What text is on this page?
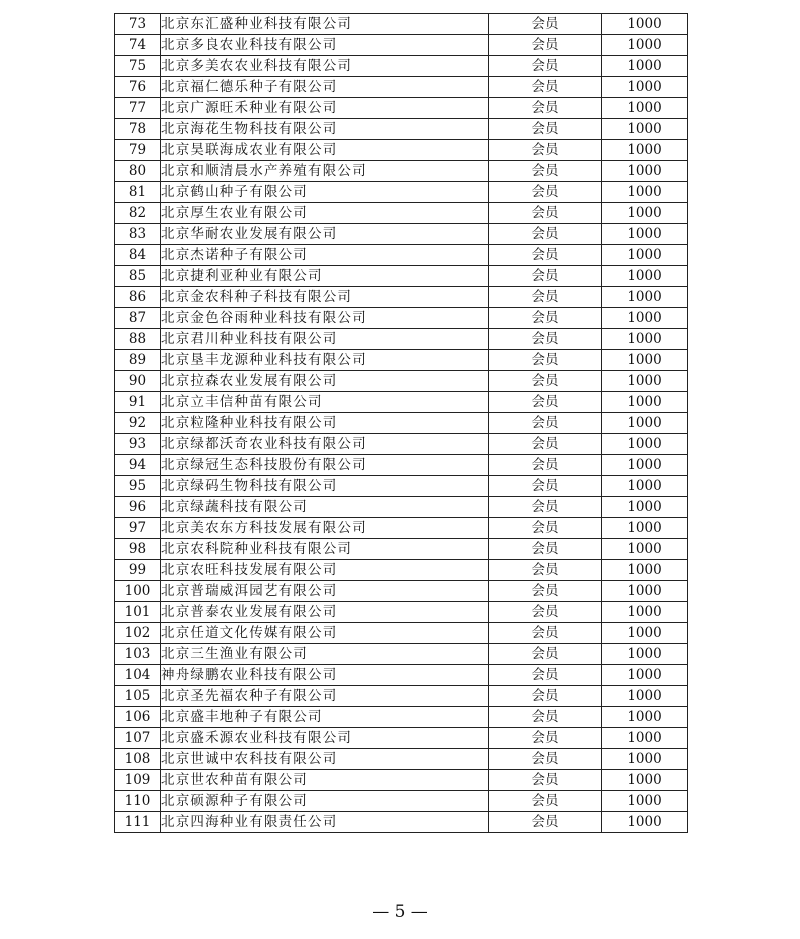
73	北京东汇盛种业科技有限公司	会员	1000
74	北京多良农业科技有限公司	会员	1000
75	北京多美农农业科技有限公司	会员	1000
76	北京福仁德乐种子有限公司	会员	1000
77	北京广源旺禾种业有限公司	会员	1000
78	北京海花生物科技有限公司	会员	1000
79	北京昊联海成农业有限公司	会员	1000
80	北京和顺清晨水产养殖有限公司	会员	1000
81	北京鹤山种子有限公司	会员	1000
82	北京厚生农业有限公司	会员	1000
83	北京华耐农业发展有限公司	会员	1000
84	北京杰诺种子有限公司	会员	1000
85	北京捷利亚种业有限公司	会员	1000
86	北京金农科种子科技有限公司	会员	1000
87	北京金色谷雨种业科技有限公司	会员	1000
88	北京君川种业科技有限公司	会员	1000
89	北京垦丰龙源种业科技有限公司	会员	1000
90	北京拉森农业发展有限公司	会员	1000
91	北京立丰信种苗有限公司	会员	1000
92	北京粒隆种业科技有限公司	会员	1000
93	北京绿都沃奇农业科技有限公司	会员	1000
94	北京绿冠生态科技股份有限公司	会员	1000
95	北京绿码生物科技有限公司	会员	1000
96	北京绿蔬科技有限公司	会员	1000
97	北京美农东方科技发展有限公司	会员	1000
98	北京农科院种业科技有限公司	会员	1000
99	北京农旺科技发展有限公司	会员	1000
100	北京普瑞威洱园艺有限公司	会员	1000
101	北京普泰农业发展有限公司	会员	1000
102	北京任道文化传媒有限公司	会员	1000
103	北京三生渔业有限公司	会员	1000
104	神舟绿鹏农业科技有限公司	会员	1000
105	北京圣先福农种子有限公司	会员	1000
106	北京盛丰地种子有限公司	会员	1000
107	北京盛禾源农业科技有限公司	会员	1000
108	北京世诚中农科技有限公司	会员	1000
109	北京世农种苗有限公司	会员	1000
110	北京硕源种子有限公司	会员	1000
111	北京四海种业有限责任公司	会员	1000
— 5 —
